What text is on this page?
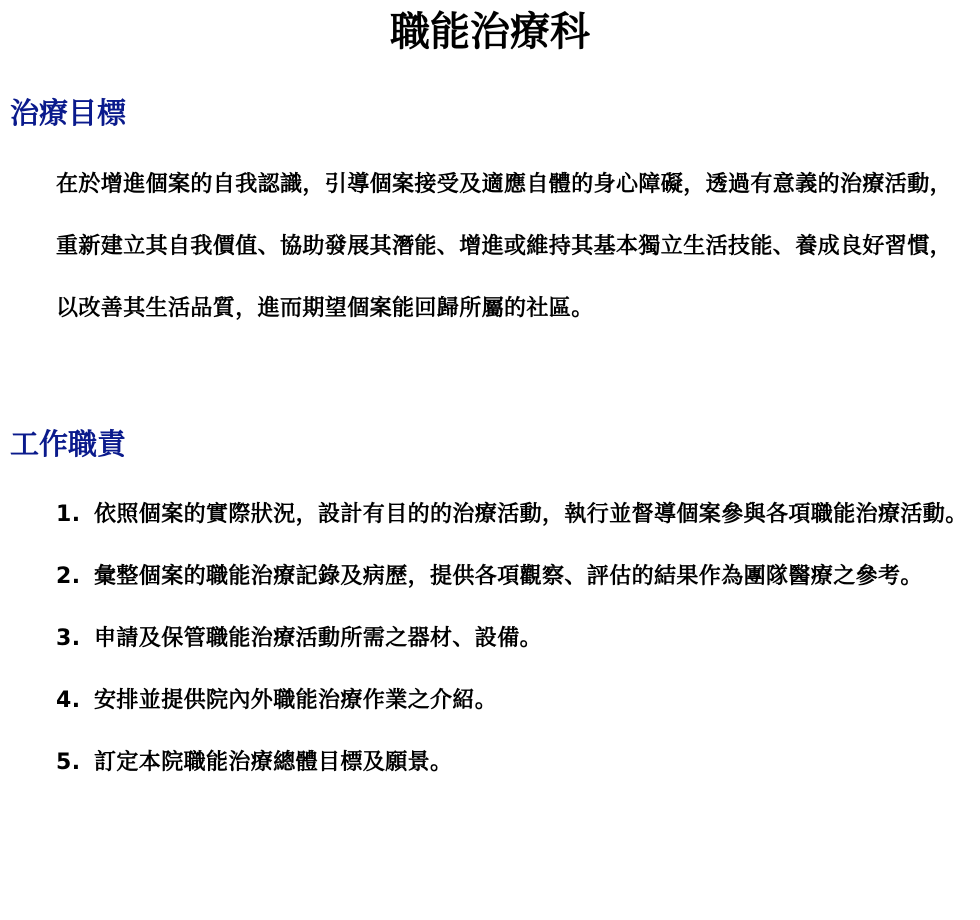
職能治療科
治療目標

在於增進個案的自我認識，引導個案接受及適應自體的身心障礙，透過有意義的治療活動，重新建立其自我價值、協助發展其潛能、增進或維持其基本獨立生活技能、養成良好習慣，以改善其生活品質，進而期望個案能回歸所屬的社區。

工作職責
1. 依照個案的實際狀況，設計有目的的治療活動，執行並督導個案參與各項職能治療活動。
2. 彙整個案的職能治療記錄及病歷，提供各項觀察、評估的結果作為團隊醫療之參考。
3. 申請及保管職能治療活動所需之器材、設備。
4. 安排並提供院內外職能治療作業之介紹。
5. 訂定本院職能治療總體目標及願景。
